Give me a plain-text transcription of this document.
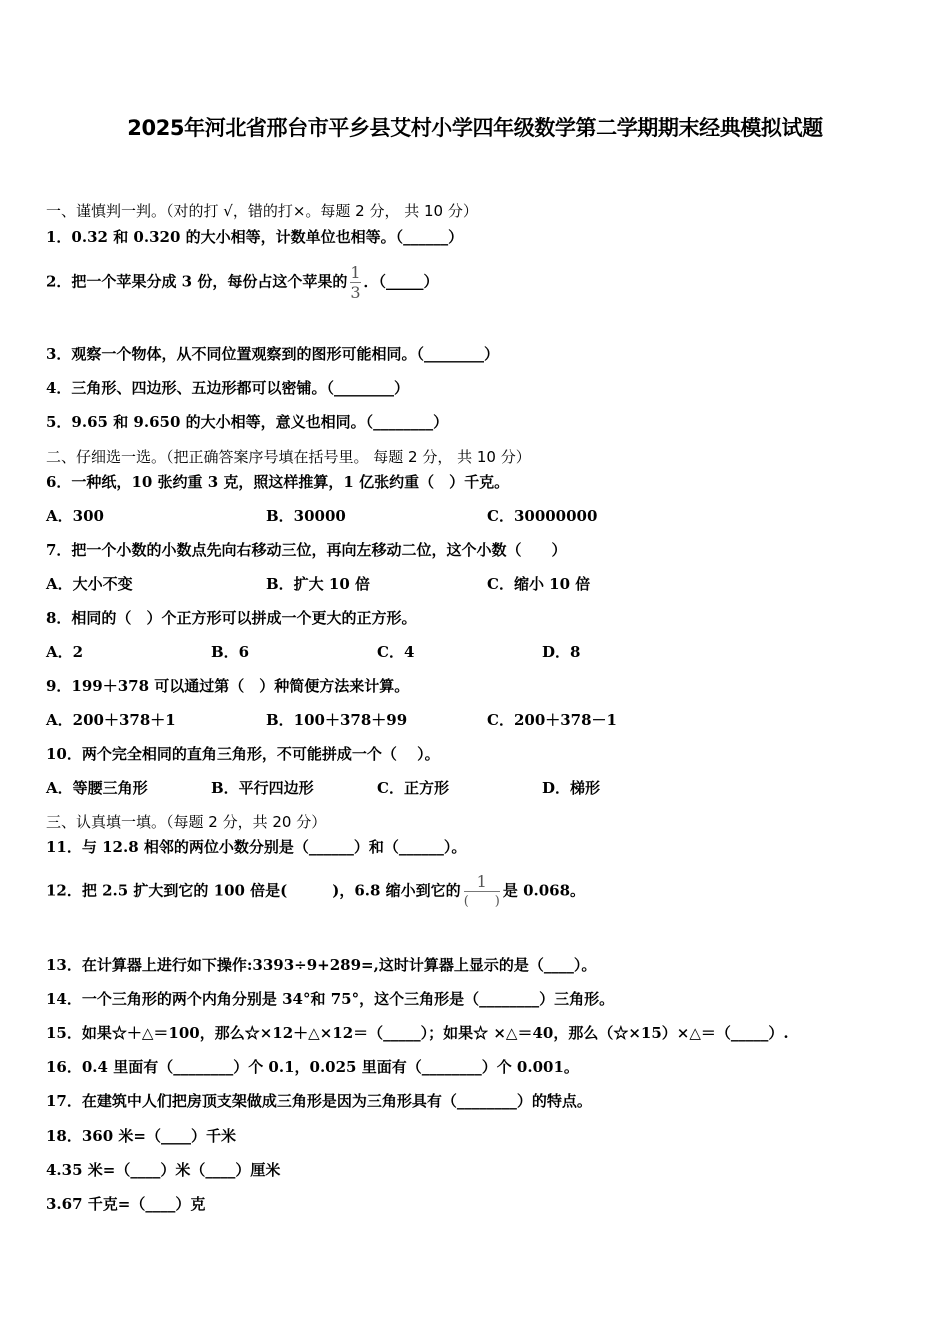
2025年河北省邢台市平乡县艾村小学四年级数学第二学期期末经典模拟试题
一、谨慎判一判。（对的打 √，错的打×。每题 2 分， 共 10 分）
1．0.32 和 0.320 的大小相等，计数单位也相等。（______）
2．把一个苹果分成 3 份，每份占这个苹果的 $\frac{1}{3}$ ．（_____）
3．观察一个物体，从不同位置观察到的图形可能相同。（________）
4．三角形、四边形、五边形都可以密铺。（________）
5．9.65 和 9.650 的大小相等，意义也相同。（________）
二、仔细选一选。（把正确答案序号填在括号里。 每题 2 分， 共 10 分）
6．一种纸，10 张约重 3 克，照这样推算，1 亿张约重（　）千克。
A．300	B．30000	C．30000000
7．把一个小数的小数点先向右移动三位，再向左移动二位，这个小数（　　）
A．大小不变	B．扩大 10 倍	C．缩小 10 倍
8．相同的（　）个正方形可以拼成一个更大的正方形。
A．2	B．6	C．4	D．8
9．199＋378 可以通过第（　）种简便方法来计算。
A．200＋378＋1	B．100＋378＋99	C．200＋378－1
10．两个完全相同的直角三角形，不可能拼成一个（　 ）。
A．等腰三角形	B．平行四边形	C．正方形	D．梯形
三、认真填一填。（每题 2 分，共 20 分）
11．与 12.8 相邻的两位小数分别是（______）和（______）。
12．把 2.5 扩大到它的 100 倍是(　　　)，6.8 缩小到它的 $\frac{1}{( )}$ 是 0.068。
13．在计算器上进行如下操作:3393÷9+289=,这时计算器上显示的是（____）。
14．一个三角形的两个内角分别是 34°和 75°，这个三角形是（________）三角形。
15．如果☆＋△＝100，那么☆×12＋△×12＝（_____）；如果☆ ×△＝40，那么（☆×15）×△＝（_____）.
16．0.4 里面有（________）个 0.1，0.025 里面有（________）个 0.001。
17．在建筑中人们把房顶支架做成三角形是因为三角形具有（________）的特点。
18．360 米=（____）千米
4.35 米=（____）米（____）厘米
3.67 千克=（____）克
